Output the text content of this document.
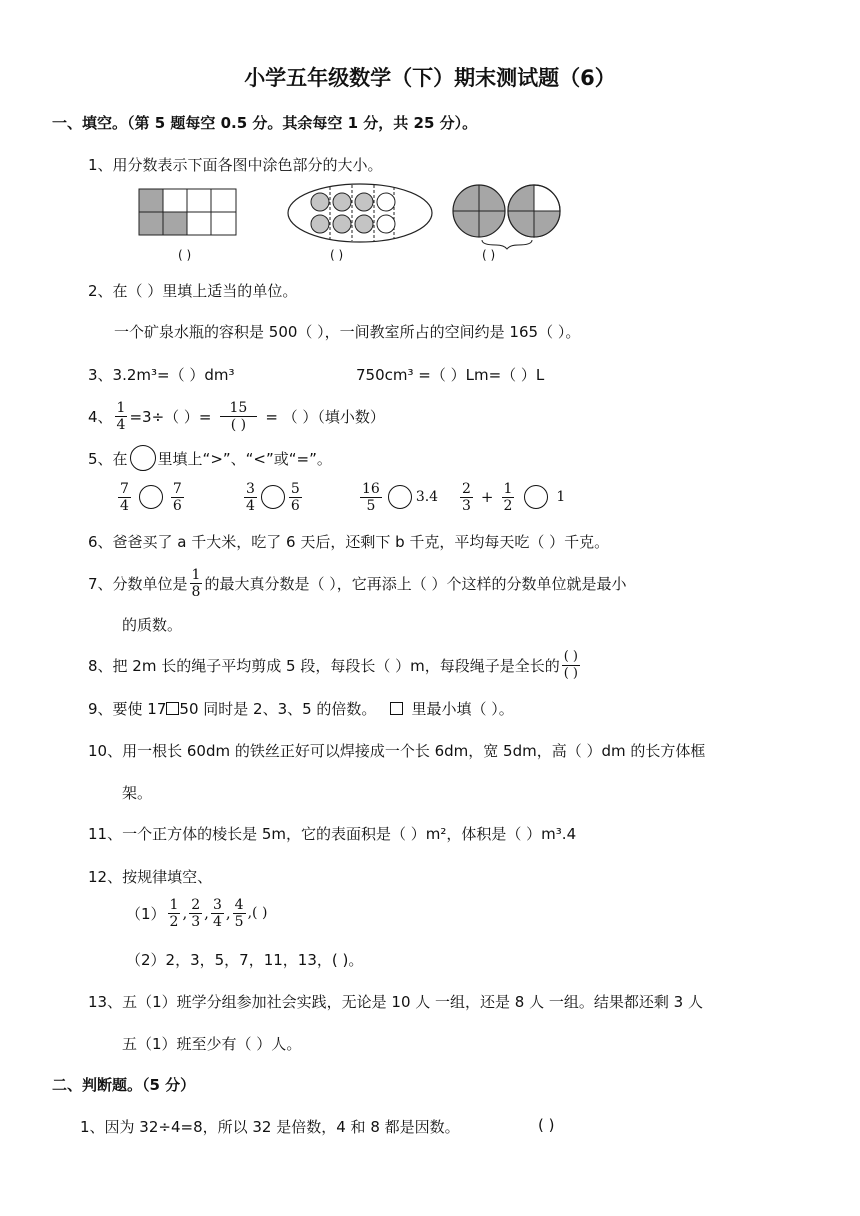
小学五年级数学（下）期末测试题（6）
一、填空。（第 5 题每空 0.5 分。其余每空 1 分，共 25 分）。
1、用分数表示下面各图中涂色部分的大小。
( )	( )	( )
2、在（ ）里填上适当的单位。
一个矿泉水瓶的容积是 500（ ），一间教室所占的空间约是 165（ ）。
3、3.2m³=（ ）dm³	750cm³ =（ ）Lm=（ ）L
4、 $\frac{1}{4} =3\div$（ ）= $\frac{15}{( )}$ = （ ）（填小数）
5、在 里填上“>”、“<”或“=”。
$\frac{7}{4}$	$\frac{7}{6}$	$\frac{3}{4} \frac{5}{6}$	$\frac{16}{5} 3.4 \frac{2}{3} + \frac{1}{2}$	1
6、爸爸买了 a 千大米，吃了 6 天后，还剩下 b 千克，平均每天吃（ ）千克。
7、分数单位是 $\frac{1}{8}$ 的最大真分数是（ ），它再添上（ ）个这样的分数单位就是最小
的质数。
8、把 2m 长的绳子平均剪成 5 段，每段长（ ）m，每段绳子是全长的 $\frac{( )}{( )}$
9、要使 17 50 同时是 2、3、5 的倍数。 里最小填（ ）。
10、用一根长 60dm 的铁丝正好可以焊接成一个长 6dm，宽 5dm，高（ ）dm 的长方体框
架。
11、一个正方体的棱长是 5m，它的表面积是（ ）m²，体积是（ ）m³.4
12、按规律填空、
$(1) \frac{1}{2}$ , $\frac{2}{3}$ , $\frac{3}{4}$ , $\frac{4}{5}$ ,( )
（2）2，3，5，7，11，13，( )。
13、五（1）班学分组参加社会实践，无论是 10 人 一组，还是 8 人 一组。结果都还剩 3 人
五（1）班至少有（ ）人。
二、判断题。（5 分）
1、因为 32÷4=8，所以 32 是倍数，4 和 8 都是因数。	( )
